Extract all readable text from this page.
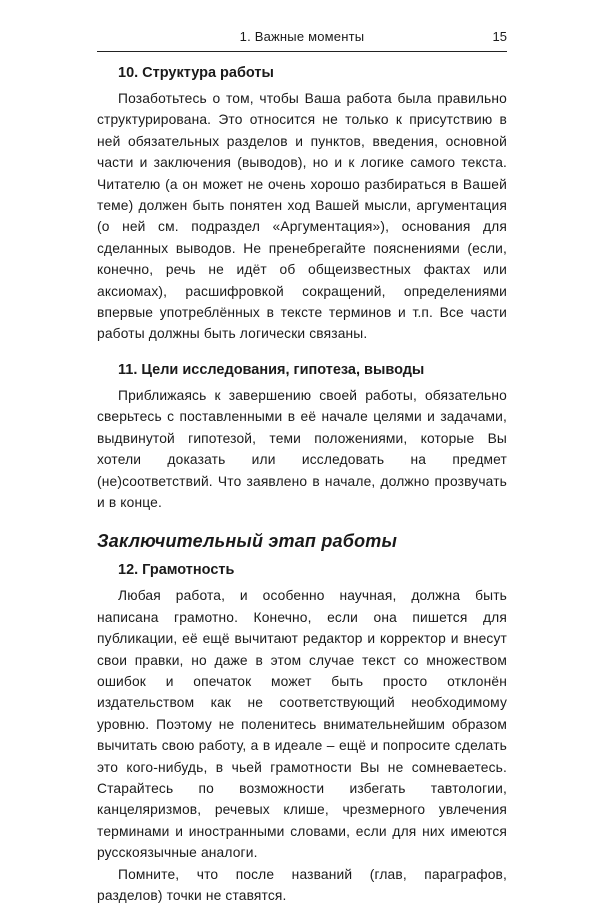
1. Важные моменты	15
10. Структура работы

Позаботьтесь о том, чтобы Ваша работа была правильно структурирована. Это относится не только к присутствию в ней обязательных разделов и пунктов, введения, основной части и заключения (выводов), но и к логике самого текста. Читателю (а он может не очень хорошо разбираться в Вашей теме) должен быть понятен ход Вашей мысли, аргументация (о ней см. подраздел «Аргументация»), основания для сделанных выводов. Не пренебрегайте пояснениями (если, конечно, речь не идёт об общеизвестных фактах или аксиомах), расшифровкой сокращений, определениями впервые употреблённых в тексте терминов и т.п. Все части работы должны быть логически связаны.

11. Цели исследования, гипотеза, выводы

Приближаясь к завершению своей работы, обязательно сверьтесь с поставленными в её начале целями и задачами, выдвинутой гипотезой, теми положениями, которые Вы хотели доказать или исследовать на предмет (не)соответствий. Что заявлено в начале, должно прозвучать и в конце.

Заключительный этап работы
12. Грамотность

Любая работа, и особенно научная, должна быть написана грамотно. Конечно, если она пишется для публикации, её ещё вычитают редактор и корректор и внесут свои правки, но даже в этом случае текст со множеством ошибок и опечаток может быть просто отклонён издательством как не соответствующий необходимому уровню. Поэтому не поленитесь внимательнейшим образом вычитать свою работу, а в идеале – ещё и попросите сделать это кого-нибудь, в чьей грамотности Вы не сомневаетесь. Старайтесь по возможности избегать тавтологии, канцеляризмов, речевых клише, чрезмерного увлечения терминами и иностранными словами, если для них имеются русскоязычные аналоги.

Помните, что после названий (глав, параграфов, разделов) точки не ставятся.
